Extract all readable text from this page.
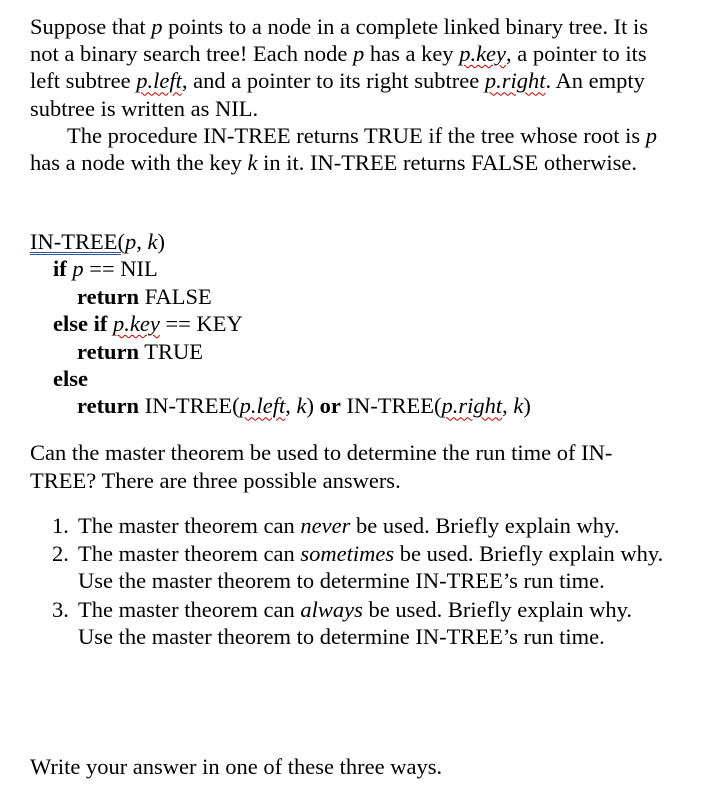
Suppose that p points to a node in a complete linked binary tree. It is not a binary search tree! Each node p has a key p.key, a pointer to its left subtree p.left, and a pointer to its right subtree p.right. An empty subtree is written as NIL.
The procedure IN-TREE returns TRUE if the tree whose root is p has a node with the key k in it. IN-TREE returns FALSE otherwise.

IN-TREE(p, k)
if p == NIL
return FALSE
else if p.key == KEY
return TRUE
else
return IN-TREE(p.left, k) or IN-TREE(p.right, k)

Can the master theorem be used to determine the run time of IN-TREE? There are three possible answers.

1. The master theorem can never be used. Briefly explain why.
2. The master theorem can sometimes be used. Briefly explain why. Use the master theorem to determine IN-TREE’s run time.
3. The master theorem can always be used. Briefly explain why. Use the master theorem to determine IN-TREE’s run time.

Write your answer in one of these three ways.
